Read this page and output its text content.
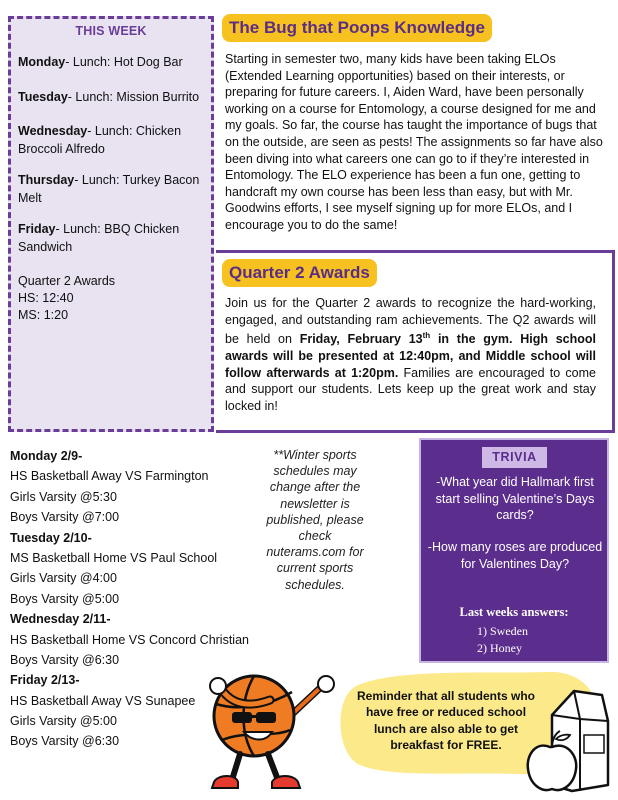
THIS WEEK
Monday- Lunch: Hot Dog Bar
Tuesday- Lunch: Mission Burrito
Wednesday- Lunch: Chicken Broccoli Alfredo
Thursday- Lunch: Turkey Bacon Melt
Friday- Lunch: BBQ Chicken Sandwich
Quarter 2 Awards
HS: 12:40
MS: 1:20
The Bug that Poops Knowledge
Starting in semester two, many kids have been taking ELOs (Extended Learning opportunities) based on their interests, or preparing for future careers. I, Aiden Ward, have been personally working on a course for Entomology, a course designed for me and my goals. So far, the course has taught the importance of bugs that on the outside, are seen as pests! The assignments so far have also been diving into what careers one can go to if they’re interested in Entomology. The ELO experience has been a fun one, getting to handcraft my own course has been less than easy, but with Mr. Goodwins efforts, I see myself signing up for more ELOs, and I encourage you to do the same!
Quarter 2 Awards
Join us for the Quarter 2 awards to recognize the hard-working, engaged, and outstanding ram achievements. The Q2 awards will be held on Friday, February 13th in the gym. High school awards will be presented at 12:40pm, and Middle school will follow afterwards at 1:20pm. Families are encouraged to come and support our students. Lets keep up the great work and stay locked in!
Monday 2/9-
HS Basketball Away VS Farmington
Girls Varsity @5:30
Boys Varsity @7:00
Tuesday 2/10-
MS Basketball Home VS Paul School
Girls Varsity @4:00
Boys Varsity @5:00
Wednesday 2/11-
HS Basketball Home VS Concord Christian
Boys Varsity @6:30
Friday 2/13-
HS Basketball Away VS Sunapee
Girls Varsity @5:00
Boys Varsity @6:30
**Winter sports schedules may change after the newsletter is published, please check nuterams.com for current sports schedules.
TRIVIA
-What year did Hallmark first start selling Valentine’s Days cards?
-How many roses are produced for Valentines Day?
Last weeks answers:
1) Sweden
2) Honey
Reminder that all students who have free or reduced school lunch are also able to get breakfast for FREE.
